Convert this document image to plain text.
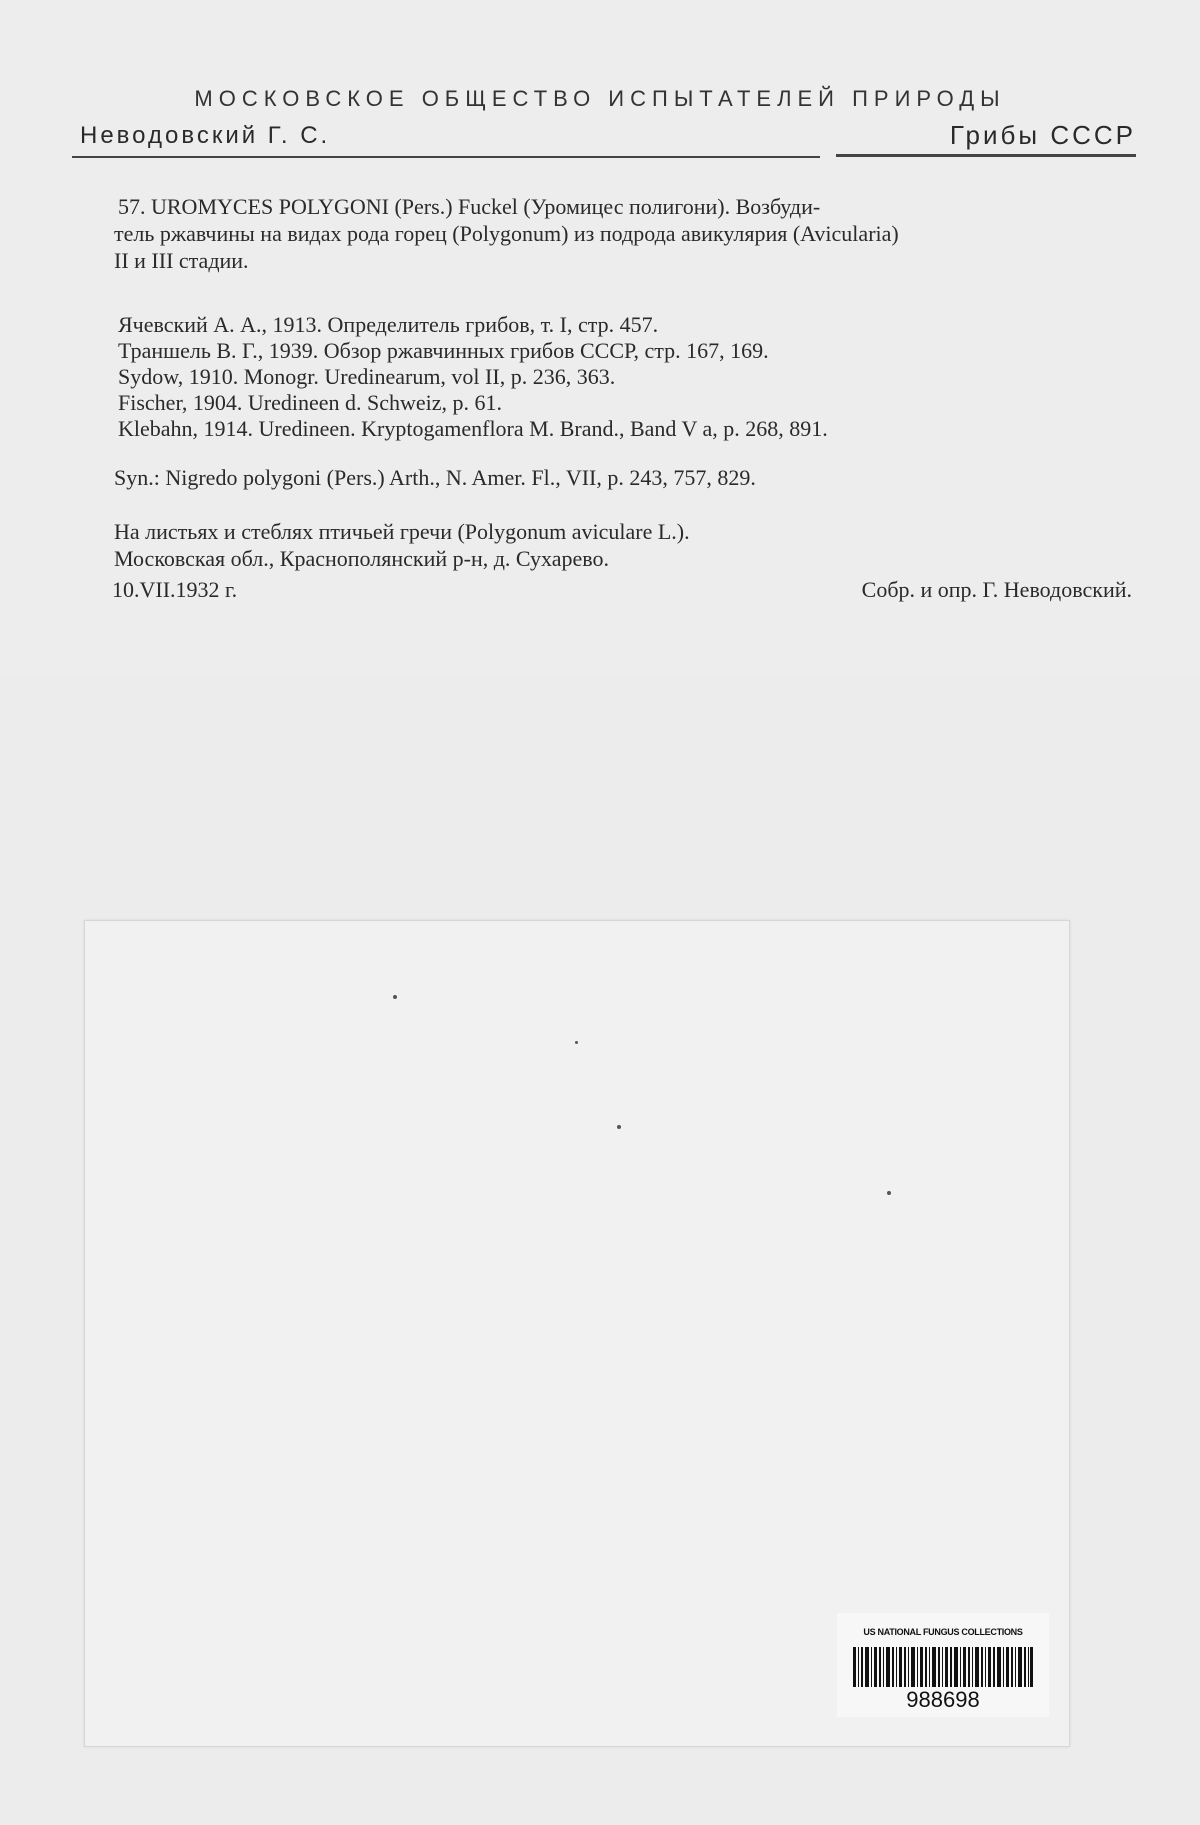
МОСКОВСКОЕ ОБЩЕСТВО ИСПЫТАТЕЛЕЙ ПРИРОДЫ
Неводовский Г. С.	Грибы СССР
57. UROMYCES POLYGONI (Pers.) Fuckel (Уромицес полигони). Возбуди-
тель ржавчины на видах рода горец (Polygonum) из подрода авикулярия (Avicularia)
II и III стадии.
Ячевский А. А., 1913. Определитель грибов, т. I, стр. 457.
Траншель В. Г., 1939. Обзор ржавчинных грибов СССР, стр. 167, 169.
Sydow, 1910. Monogr. Uredinearum, vol II, p. 236, 363.
Fischer, 1904. Uredineen d. Schweiz, p. 61.
Klebahn, 1914. Uredineen. Kryptogamenflora M. Brand., Band V a, p. 268, 891.
Syn.: Nigredo polygoni (Pers.) Arth., N. Amer. Fl., VII, p. 243, 757, 829.
На листьях и стеблях птичьей гречи (Polygonum aviculare L.).
Московская обл., Краснополянский р-н, д. Сухарево.
10.VII.1932 г.	Собр. и опр. Г. Неводовский.
US NATIONAL FUNGUS COLLECTIONS
988698
